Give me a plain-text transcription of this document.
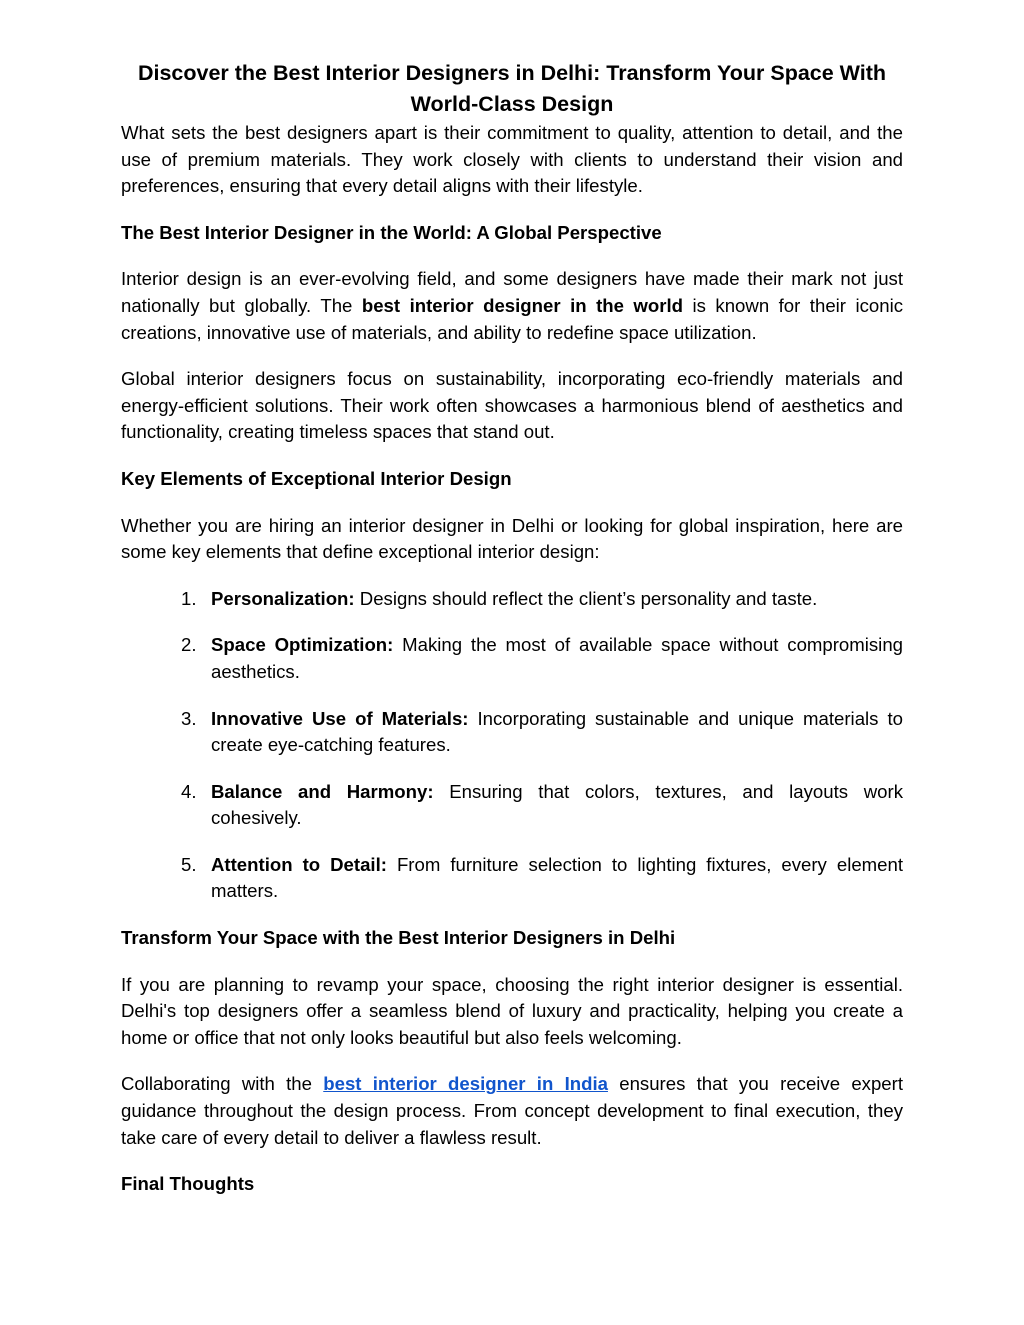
Discover the Best Interior Designers in Delhi: Transform Your Space With World-Class Design

What sets the best designers apart is their commitment to quality, attention to detail, and the use of premium materials. They work closely with clients to understand their vision and preferences, ensuring that every detail aligns with their lifestyle.

The Best Interior Designer in the World: A Global Perspective

Interior design is an ever-evolving field, and some designers have made their mark not just nationally but globally. The best interior designer in the world is known for their iconic creations, innovative use of materials, and ability to redefine space utilization.

Global interior designers focus on sustainability, incorporating eco-friendly materials and energy-efficient solutions. Their work often showcases a harmonious blend of aesthetics and functionality, creating timeless spaces that stand out.

Key Elements of Exceptional Interior Design

Whether you are hiring an interior designer in Delhi or looking for global inspiration, here are some key elements that define exceptional interior design:

1. Personalization: Designs should reflect the client’s personality and taste.
2. Space Optimization: Making the most of available space without compromising aesthetics.
3. Innovative Use of Materials: Incorporating sustainable and unique materials to create eye-catching features.
4. Balance and Harmony: Ensuring that colors, textures, and layouts work cohesively.
5. Attention to Detail: From furniture selection to lighting fixtures, every element matters.
Transform Your Space with the Best Interior Designers in Delhi

If you are planning to revamp your space, choosing the right interior designer is essential. Delhi's top designers offer a seamless blend of luxury and practicality, helping you create a home or office that not only looks beautiful but also feels welcoming.

Collaborating with the best interior designer in India ensures that you receive expert guidance throughout the design process. From concept development to final execution, they take care of every detail to deliver a flawless result.

Final Thoughts
